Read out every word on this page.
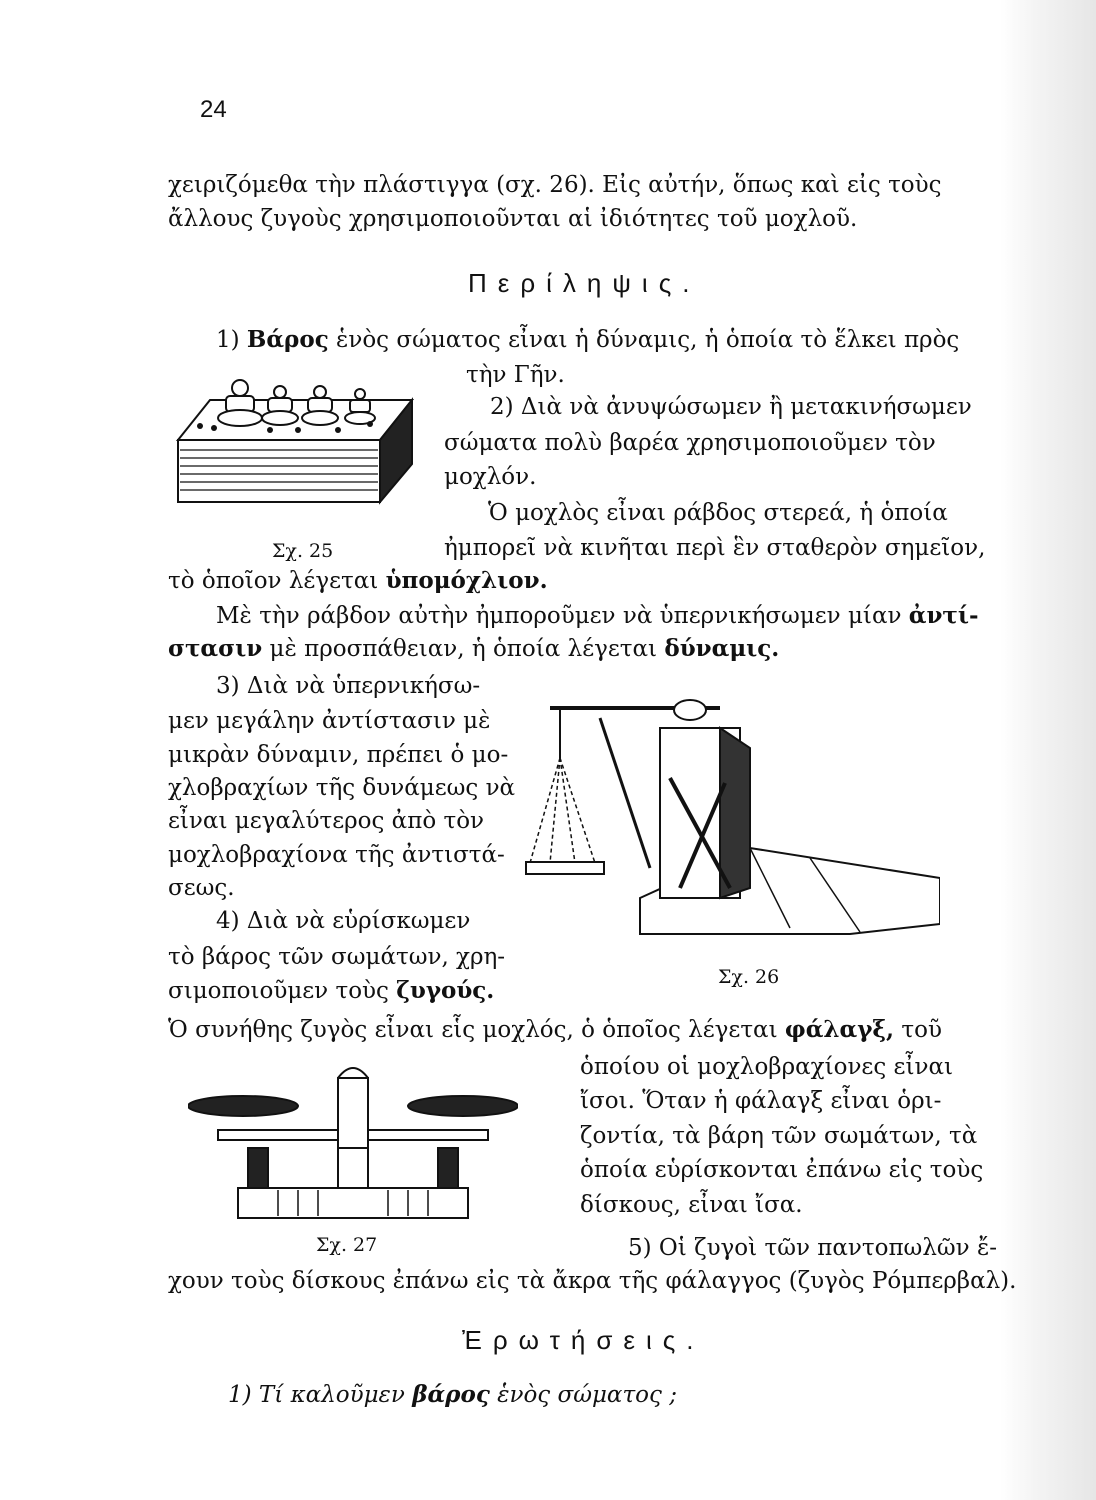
24
χειριζόμεθα τὴν πλάστιγγα (σχ. 26). Εἰς αὐτήν, ὅπως καὶ εἰς τοὺς
ἄλλους ζυγοὺς χρησιμοποιοῦνται αἱ ἰδιότητες τοῦ μοχλοῦ.
Περίληψις.
1) Βάρος ἑνὸς σώματος εἶναι ἡ δύναμις, ἡ ὁποία τὸ ἕλκει πρὸς
τὴν Γῆν.
2) Διὰ νὰ ἀνυψώσωμεν ἢ μετακινήσωμεν
σώματα πολὺ βαρέα χρησιμοποιοῦμεν τὸν
μοχλόν.
Ὁ μοχλὸς εἶναι ράβδος στερεά, ἡ ὁποία
ἠμπορεῖ νὰ κινῆται περὶ ἓν σταθερὸν σημεῖον,
τὸ ὁποῖον λέγεται ὑπομόχλιον.
Μὲ τὴν ράβδον αὐτὴν ἠμποροῦμεν νὰ ὑπερνικήσωμεν μίαν ἀντί-
στασιν μὲ προσπάθειαν, ἡ ὁποία λέγεται δύναμις.
3) Διὰ νὰ ὑπερνικήσω-
μεν μεγάλην ἀντίστασιν μὲ
μικρὰν δύναμιν, πρέπει ὁ μο-
χλοβραχίων τῆς δυνάμεως νὰ
εἶναι μεγαλύτερος ἀπὸ τὸν
μοχλοβραχίονα τῆς ἀντιστά-
σεως.
4) Διὰ νὰ εὑρίσκωμεν
τὸ βάρος τῶν σωμάτων, χρη-
σιμοποιοῦμεν τοὺς ζυγούς.
Ὁ συνήθης ζυγὸς εἶναι εἷς μοχλός, ὁ ὁποῖος λέγεται φάλαγξ, τοῦ
ὁποίου οἱ μοχλοβραχίονες εἶναι
ἴσοι. Ὅταν ἡ φάλαγξ εἶναι ὁρι-
ζοντία, τὰ βάρη τῶν σωμάτων, τὰ
ὁποία εὑρίσκονται ἐπάνω εἰς τοὺς
δίσκους, εἶναι ἴσα.
5) Οἱ ζυγοὶ τῶν παντοπωλῶν ἔ-
χουν τοὺς δίσκους ἐπάνω εἰς τὰ ἄκρα τῆς φάλαγγος (ζυγὸς Ρόμπερβαλ).
Ἐρωτήσεις.
1) Τί καλοῦμεν βάρος ἑνὸς σώματος ;
Σχ. 25
Σχ. 26
Σχ. 27
